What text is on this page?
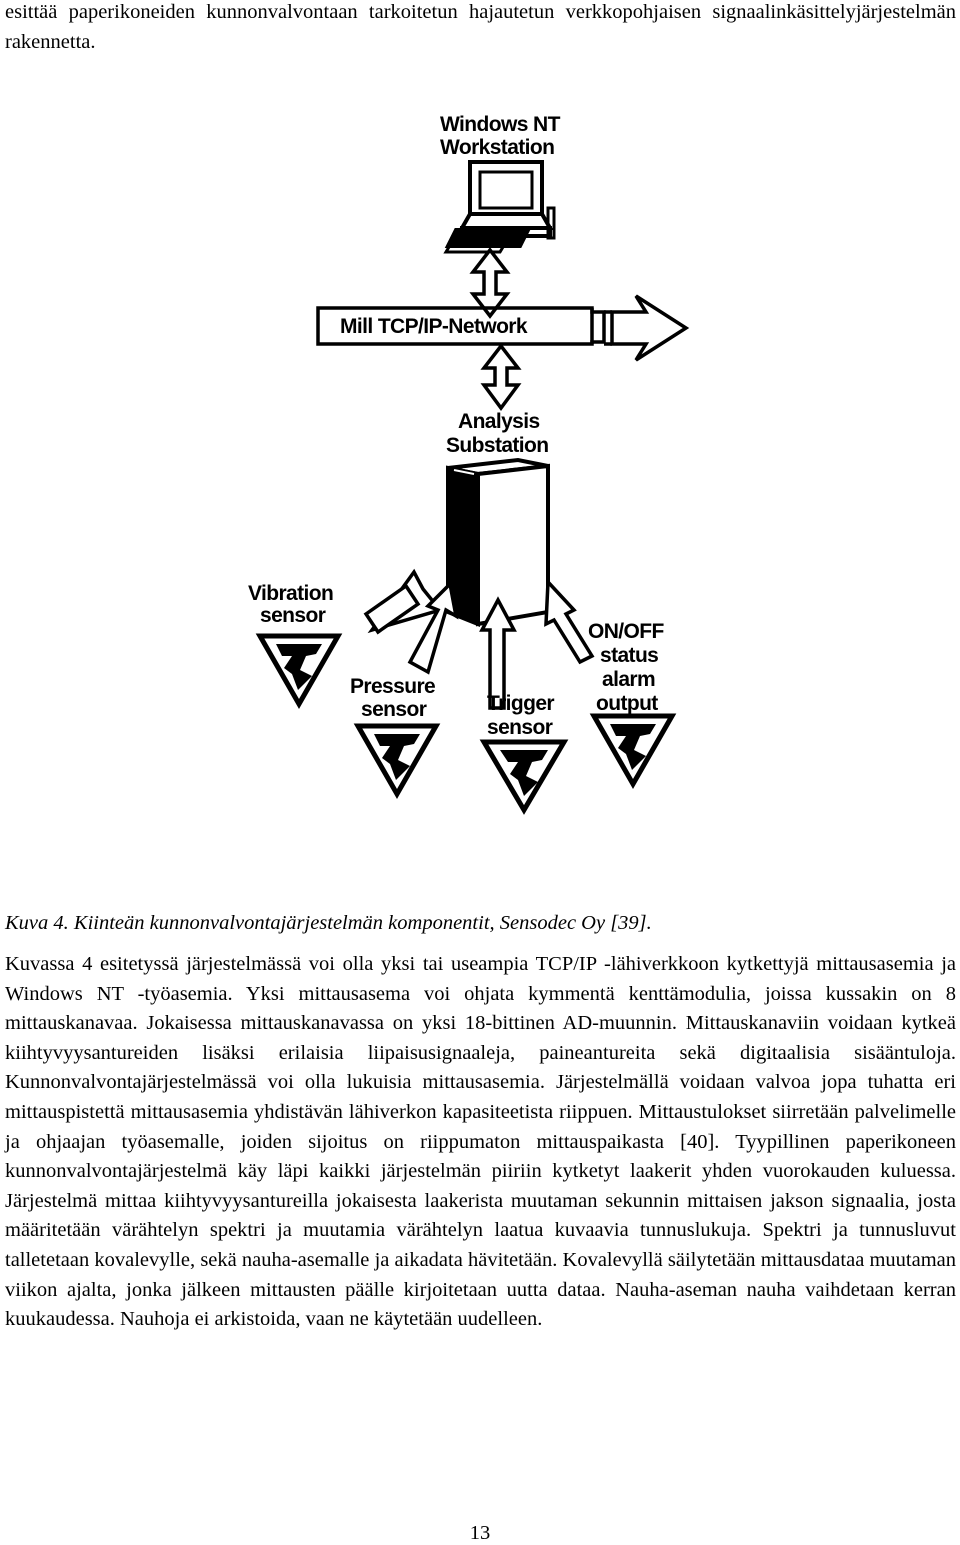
esittää paperikoneiden kunnonvalvontaan tarkoitetun hajautetun verkkopohjaisen signaalinkäsittelyjärjestelmän rakennetta.

Windows NT
Workstation
Mill TCP/IP-Network
Analysis
Substation
Vibration
sensor
Pressure
sensor	Trigger
sensor
ON/OFF
status
alarm
output

Kuva 4. Kiinteän kunnonvalvontajärjestelmän komponentit, Sensodec Oy [39].

Kuvassa 4 esitetyssä järjestelmässä voi olla yksi tai useampia TCP/IP -lähiverkkoon kytkettyjä mittausasemia ja Windows NT -työasemia. Yksi mittausasema voi ohjata kymmentä kenttämodulia, joissa kussakin on 8 mittauskanavaa. Jokaisessa mittauskanavassa on yksi 18-bittinen AD-muunnin. Mittauskanaviin voidaan kytkeä kiihtyvyysantureiden lisäksi erilaisia liipaisusignaaleja, paineantureita sekä digitaalisia sisääntuloja. Kunnonvalvontajärjestelmässä voi olla lukuisia mittausasemia. Järjestelmällä voidaan valvoa jopa tuhatta eri mittauspistettä mittausasemia yhdistävän lähiverkon kapasiteetista riippuen. Mittaustulokset siirretään palvelimelle ja ohjaajan työasemalle, joiden sijoitus on riippumaton mittauspaikasta [40]. Tyypillinen paperikoneen kunnonvalvontajärjestelmä käy läpi kaikki järjestelmän piiriin kytketyt laakerit yhden vuorokauden kuluessa. Järjestelmä mittaa kiihtyvyysantureilla jokaisesta laakerista muutaman sekunnin mittaisen jakson signaalia, josta määritetään värähtelyn spektri ja muutamia värähtelyn laatua kuvaavia tunnuslukuja. Spektri ja tunnusluvut talletetaan kovalevylle, sekä nauha-asemalle ja aikadata hävitetään. Kovalevyllä säilytetään mittausdataa muutaman viikon ajalta, jonka jälkeen mittausten päälle kirjoitetaan uutta dataa. Nauha-aseman nauha vaihdetaan kerran kuukaudessa. Nauhoja ei arkistoida, vaan ne käytetään uudelleen.

13
